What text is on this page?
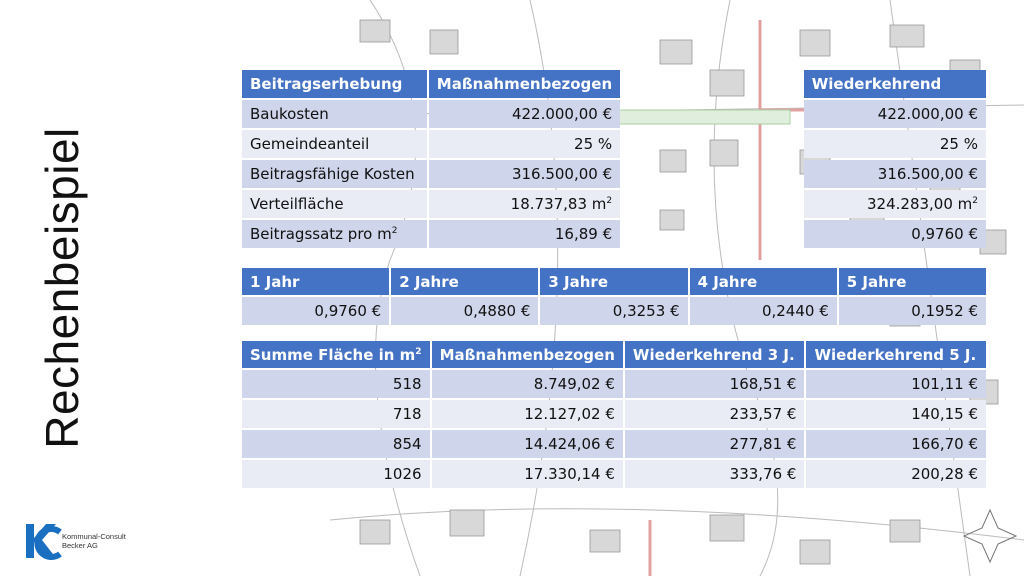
Rechenbeispiel
Kommunal-Consult
Becker AG
Beitragserhebung	Maßnahmenbezogen		Wiederkehrend
Baukosten	422.000,00 €		422.000,00 €
Gemeindeanteil	25 %		25 %
Beitragsfähige Kosten	316.500,00 €		316.500,00 €
Verteilfläche	18.737,83 $m^2$		324.283,00 $m^2$
Beitragssatz pro $m^2$	16,89 €		0,9760 €
1 Jahr	2 Jahre	3 Jahre	4 Jahre	5 Jahre
0,9760 €	0,4880 €	0,3253 €	0,2440 €	0,1952 €
Summe Fläche in $m^2$	Maßnahmenbezogen	Wiederkehrend 3 J.	Wiederkehrend 5 J.
518	8.749,02 €	168,51 €	101,11 €
718	12.127,02 €	233,57 €	140,15 €
854	14.424,06 €	277,81 €	166,70 €
1026	17.330,14 €	333,76 €	200,28 €
